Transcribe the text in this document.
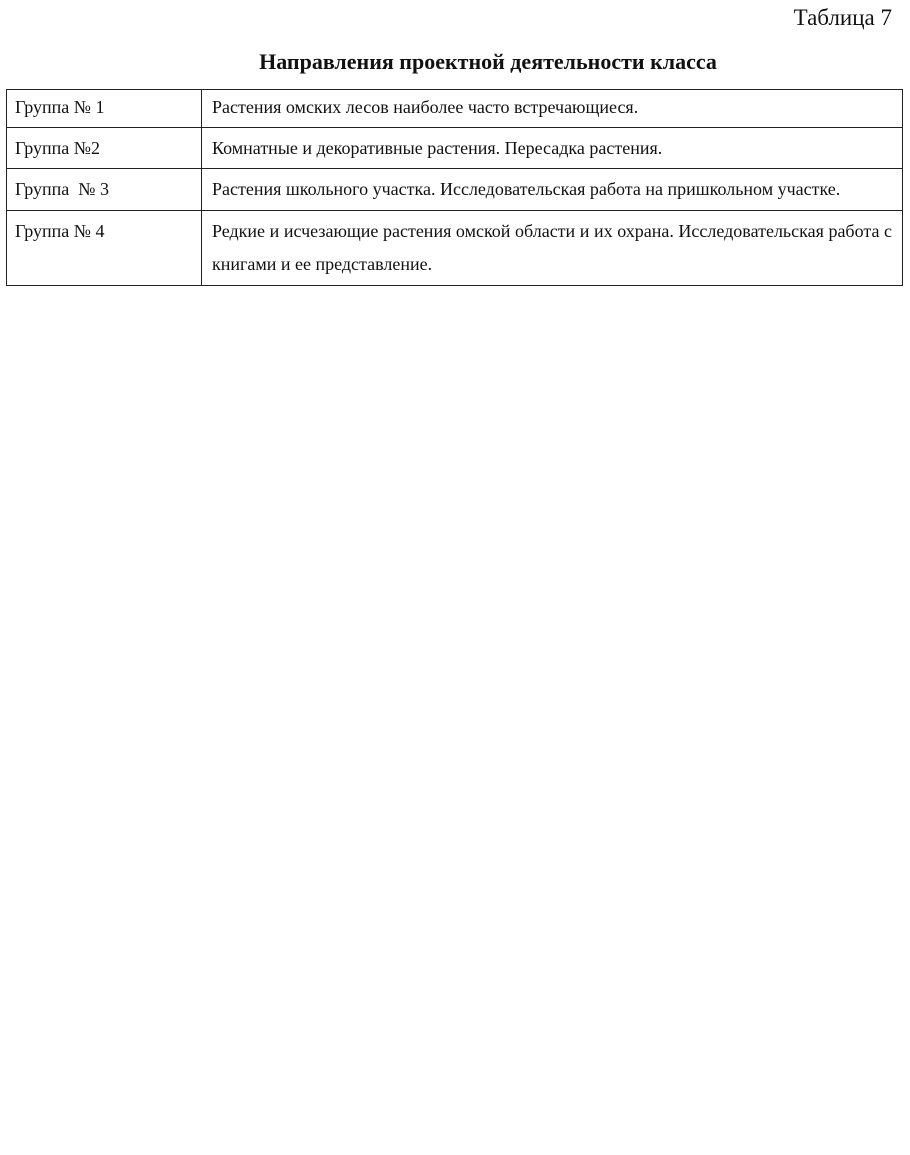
Таблица 7
Направления проектной деятельности класса
Группа № 1	Растения омских лесов наиболее часто встречающиеся.
Группа №2	Комнатные и декоративные растения. Пересадка растения.
Группа  № 3	Растения школьного участка. Исследовательская работа на пришкольном участке.
Группа № 4	Редкие и исчезающие растения омской области и их охрана. Исследовательская работа с книгами и ее представление.
